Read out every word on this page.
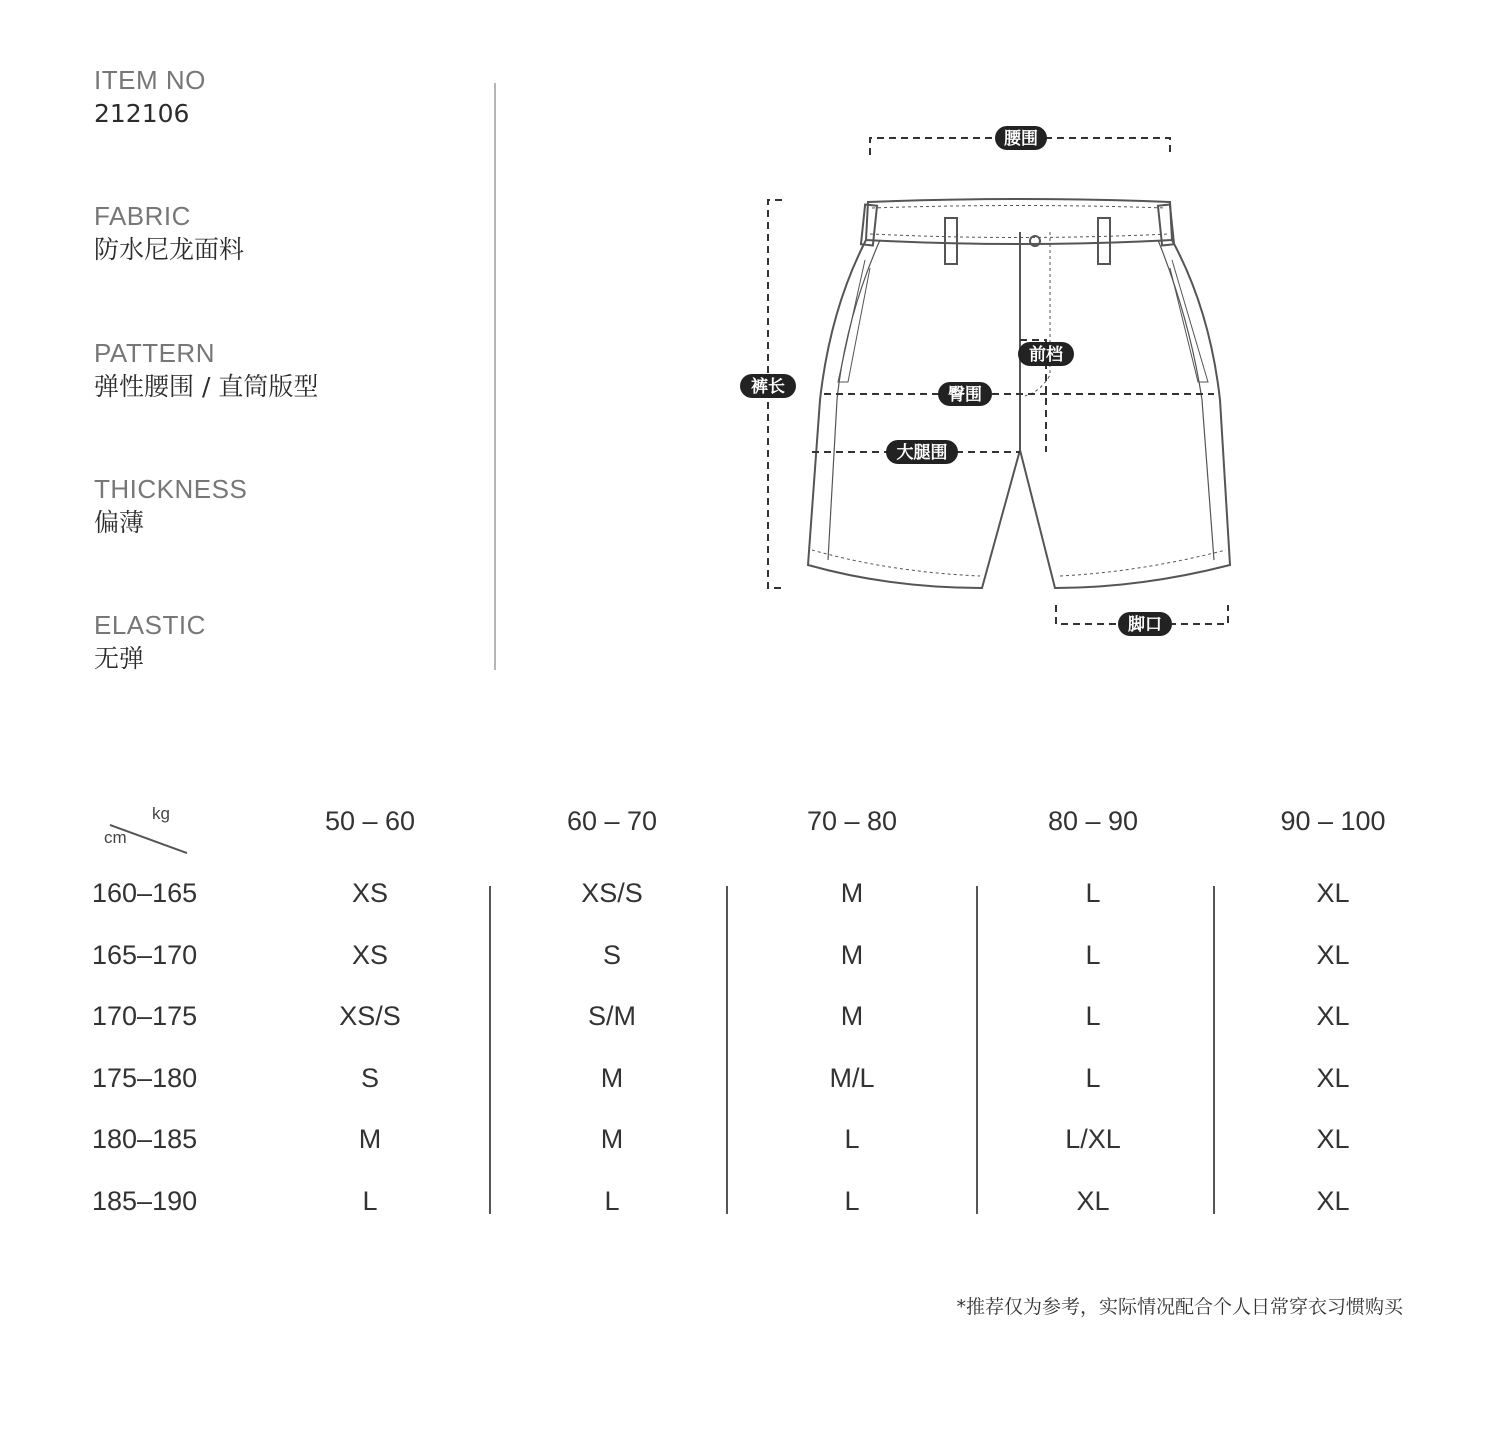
ITEM NO
212106
FABRIC
防水尼龙面料
PATTERN
弹性腰围 / 直筒版型
THICKNESS
偏薄
ELASTIC
无弹
腰围
裤长
前档
臀围
大腿围
脚口
kg
cm
50 – 60	60 – 70	70 – 80	80 – 90	90 – 100
160–165	XS	XS/S	M	L	XL
165–170	XS	S	M	L	XL
170–175	XS/S	S/M	M	L	XL
175–180	S	M	M/L	L	XL
180–185	M	M	L	L/XL	XL
185–190	L	L	L	XL	XL
*推荐仅为参考，实际情况配合个人日常穿衣习惯购买
